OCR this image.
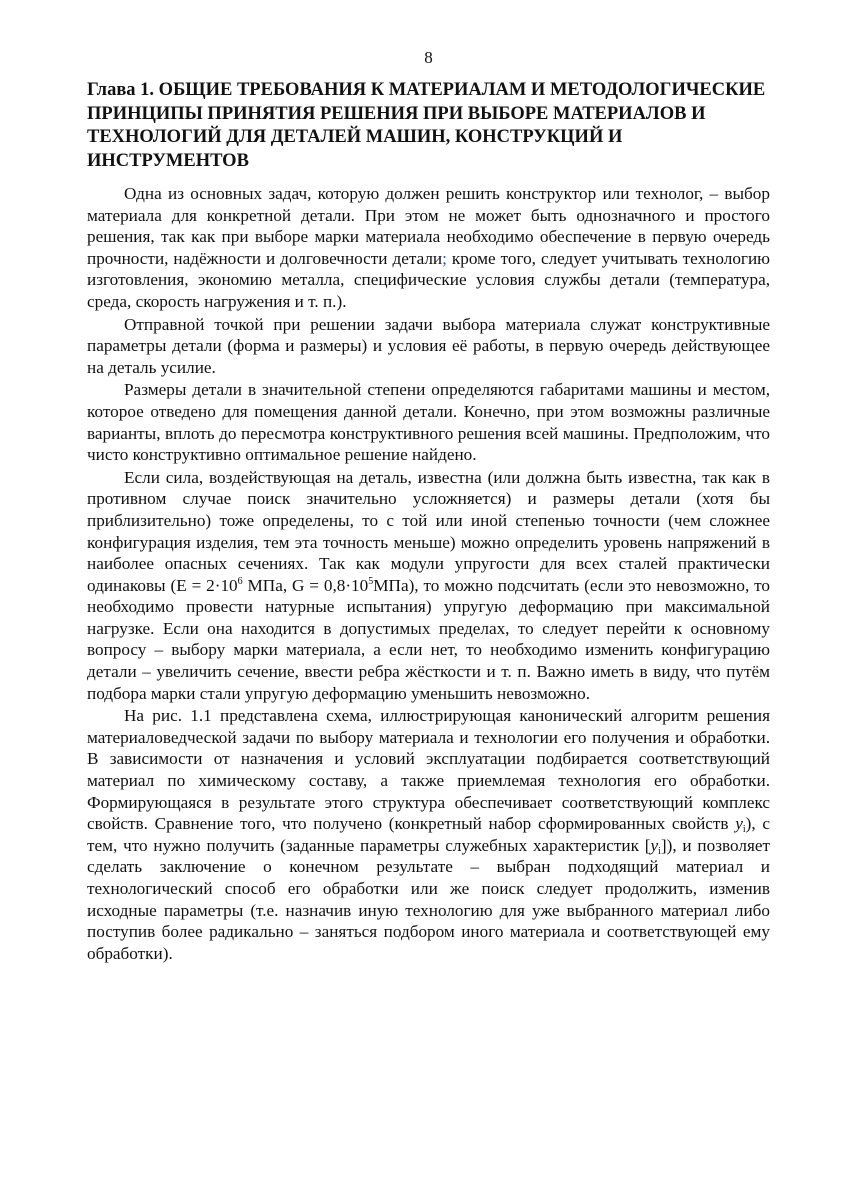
8
Глава 1. ОБЩИЕ ТРЕБОВАНИЯ К МАТЕРИАЛАМ И МЕТОДОЛОГИЧЕСКИЕ ПРИНЦИПЫ ПРИНЯТИЯ РЕШЕНИЯ ПРИ ВЫБОРЕ МАТЕРИАЛОВ И ТЕХНОЛОГИЙ ДЛЯ ДЕТАЛЕЙ МАШИН, КОНСТРУКЦИЙ И ИНСТРУМЕНТОВ

Одна из основных задач, которую должен решить конструктор или технолог, – выбор материала для конкретной детали. При этом не может быть однозначного и простого решения, так как при выборе марки материала необходимо обеспечение в первую очередь прочности, надёжности и долговечности детали; кроме того, следует учитывать технологию изготовления, экономию металла, специфические условия службы детали (температура, среда, скорость нагружения и т. п.).

Отправной точкой при решении задачи выбора материала служат конструктивные параметры детали (форма и размеры) и условия её работы, в первую очередь действующее на деталь усилие.

Размеры детали в значительной степени определяются габаритами машины и местом, которое отведено для помещения данной детали. Конечно, при этом возможны различные варианты, вплоть до пересмотра конструктивного решения всей машины. Предположим, что чисто конструктивно оптимальное решение найдено.

Если сила, воздействующая на деталь, известна (или должна быть известна, так как в противном случае поиск значительно усложняется) и размеры детали (хотя бы приблизительно) тоже определены, то с той или иной степенью точности (чем сложнее конфигурация изделия, тем эта точность меньше) можно определить уровень напряжений в наиболее опасных сечениях. Так как модули упругости для всех сталей практически одинаковы ($Е = 2\cdot 10^6$ МПа, $G = 0,8\cdot 10^5МПа$), то можно подсчитать (если это невозможно, то необходимо провести натурные испытания) упругую деформацию при максимальной нагрузке. Если она находится в допустимых пределах, то следует перейти к основному вопросу – выбору марки материала, а если нет, то необходимо изменить конфигурацию детали – увеличить сечение, ввести ребра жёсткости и т. п. Важно иметь в виду, что путём подбора марки стали упругую деформацию уменьшить невозможно.

На рис. 1.1 представлена схема, иллюстрирующая канонический алгоритм решения материаловедческой задачи по выбору материала и технологии его получения и обработки. В зависимости от назначения и условий эксплуатации подбирается соответствующий материал по химическому составу, а также приемлемая технология его обработки. Формирующаяся в результате этого структура обеспечивает соответствующий комплекс свойств. Сравнение того, что получено (конкретный набор сформированных свойств $y_i$), с тем, что нужно получить (заданные параметры служебных характеристик $[y_i]$), и позволяет сделать заключение о конечном результате – выбран подходящий материал и технологический способ его обработки или же поиск следует продолжить, изменив исходные параметры (т.е. назначив иную технологию для уже выбранного материал либо поступив более радикально – заняться подбором иного материала и соответствующей ему обработки).
